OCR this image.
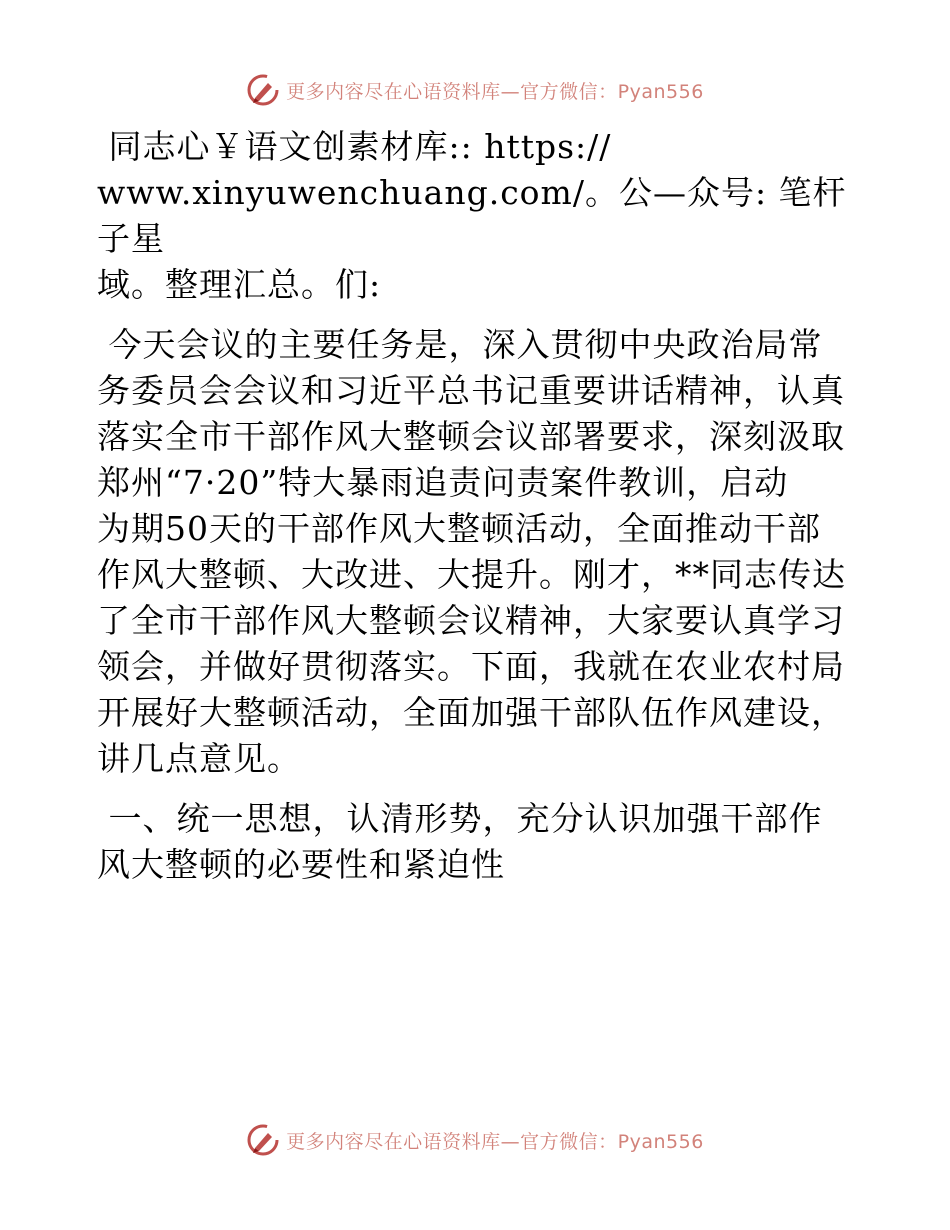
更多内容尽在心语资料库—官方微信：Pyan556

同志心￥语文创素材库:: https://
www.xinyuwenchuang.com/。公—众号: 笔杆子星
域。整理汇总。们:

今天会议的主要任务是，深入贯彻中央政治局常
务委员会会议和习近平总书记重要讲话精神，认真
落实全市干部作风大整顿会议部署要求，深刻汲取
郑州“7·20”特大暴雨追责问责案件教训，启动
为期50天的干部作风大整顿活动，全面推动干部
作风大整顿、大改进、大提升。刚才，**同志传达
了全市干部作风大整顿会议精神，大家要认真学习
领会，并做好贯彻落实。下面，我就在农业农村局
开展好大整顿活动，全面加强干部队伍作风建设，
讲几点意见。

一、统一思想，认清形势，充分认识加强干部作
风大整顿的必要性和紧迫性

更多内容尽在心语资料库—官方微信：Pyan556
